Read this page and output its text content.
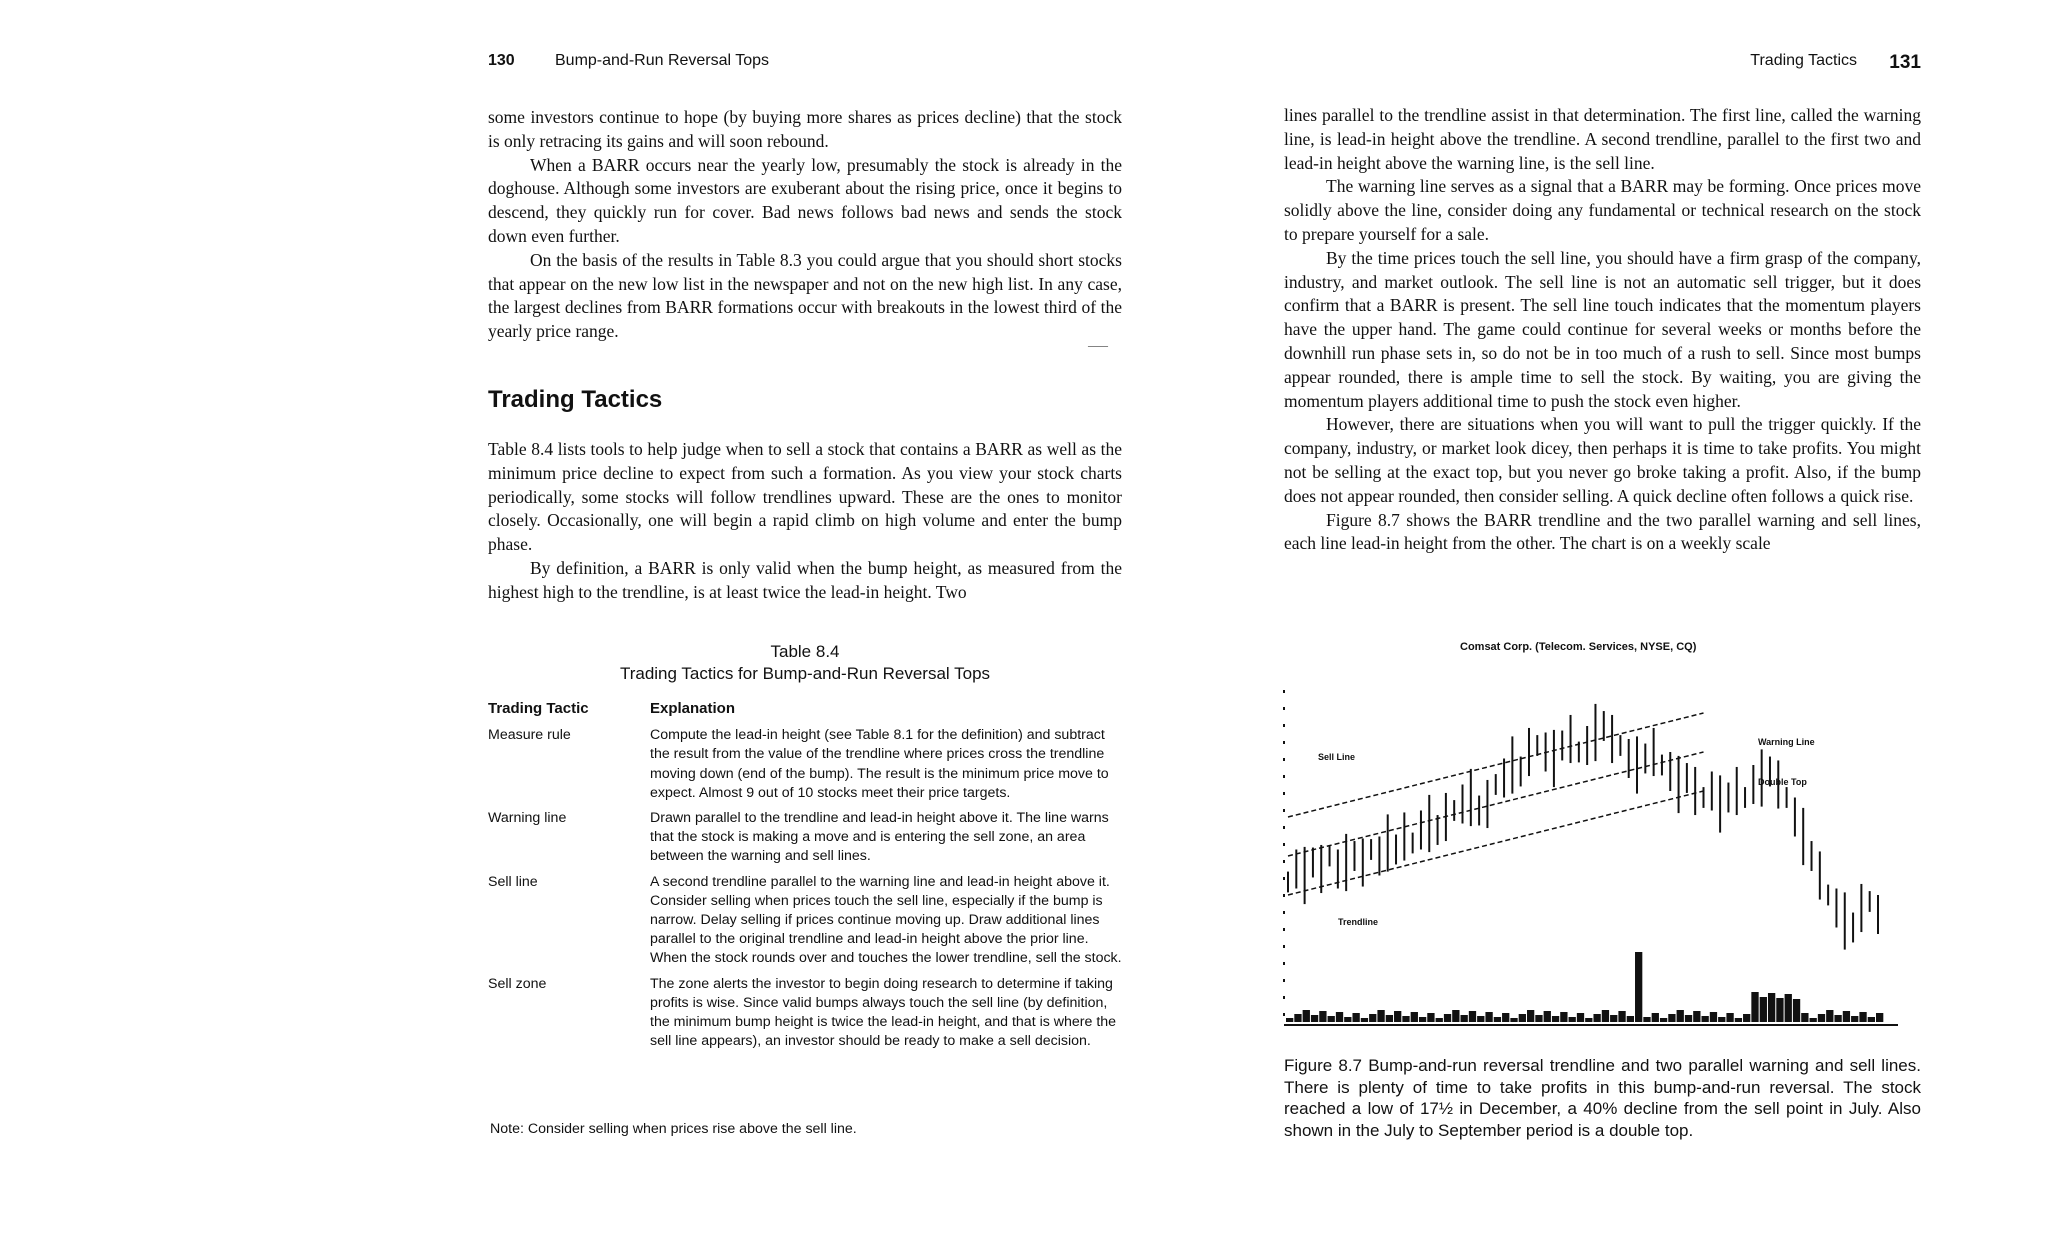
130	Bump-and-Run Reversal Tops

some investors continue to hope (by buying more shares as prices decline) that the stock is only retracing its gains and will soon rebound.

When a BARR occurs near the yearly low, presumably the stock is already in the doghouse. Although some investors are exuberant about the rising price, once it begins to descend, they quickly run for cover. Bad news follows bad news and sends the stock down even further.

On the basis of the results in Table 8.3 you could argue that you should short stocks that appear on the new low list in the newspaper and not on the new high list. In any case, the largest declines from BARR formations occur with breakouts in the lowest third of the yearly price range.

——
Trading Tactics

Table 8.4 lists tools to help judge when to sell a stock that contains a BARR as well as the minimum price decline to expect from such a formation. As you view your stock charts periodically, some stocks will follow trendlines upward. These are the ones to monitor closely. Occasionally, one will begin a rapid climb on high volume and enter the bump phase.

By definition, a BARR is only valid when the bump height, as measured from the highest high to the trendline, is at least twice the lead-in height. Two

Table 8.4
Trading Tactics for Bump-and-Run Reversal Tops
Trading Tactic	Explanation
Measure rule	Compute the lead-in height (see Table 8.1 for the definition) and subtract the result from the value of the trendline where prices cross the trendline moving down (end of the bump). The result is the minimum price move to expect. Almost 9 out of 10 stocks meet their price targets.
Warning line	Drawn parallel to the trendline and lead-in height above it. The line warns that the stock is making a move and is entering the sell zone, an area between the warning and sell lines.
Sell line	A second trendline parallel to the warning line and lead-in height above it. Consider selling when prices touch the sell line, especially if the bump is narrow. Delay selling if prices continue moving up. Draw additional lines parallel to the original trendline and lead-in height above the prior line. When the stock rounds over and touches the lower trendline, sell the stock.
Sell zone	The zone alerts the investor to begin doing research to determine if taking profits is wise. Since valid bumps always touch the sell line (by definition, the minimum bump height is twice the lead-in height, and that is where the sell line appears), an investor should be ready to make a sell decision.
Note: Consider selling when prices rise above the sell line.
Trading Tactics 131

lines parallel to the trendline assist in that determination. The first line, called the warning line, is lead-in height above the trendline. A second trendline, parallel to the first two and lead-in height above the warning line, is the sell line.

The warning line serves as a signal that a BARR may be forming. Once prices move solidly above the line, consider doing any fundamental or technical research on the stock to prepare yourself for a sale.

By the time prices touch the sell line, you should have a firm grasp of the company, industry, and market outlook. The sell line is not an automatic sell trigger, but it does confirm that a BARR is present. The sell line touch indicates that the momentum players have the upper hand. The game could continue for several weeks or months before the downhill run phase sets in, so do not be in too much of a rush to sell. Since most bumps appear rounded, there is ample time to sell the stock. By waiting, you are giving the momentum players additional time to push the stock even higher.

However, there are situations when you will want to pull the trigger quickly. If the company, industry, or market look dicey, then perhaps it is time to take profits. You might not be selling at the exact top, but you never go broke taking a profit. Also, if the bump does not appear rounded, then consider selling. A quick decline often follows a quick rise.

Figure 8.7 shows the BARR trendline and the two parallel warning and sell lines, each line lead-in height from the other. The chart is on a weekly scale

Comsat Corp. (Telecom. Services, NYSE, CQ)
Sell Line
Warning Line
Trendline
Double Top
Figure 8.7 Bump-and-run reversal trendline and two parallel warning and sell lines. There is plenty of time to take profits in this bump-and-run reversal. The stock reached a low of 17½ in December, a 40% decline from the sell point in July. Also shown in the July to September period is a double top.
